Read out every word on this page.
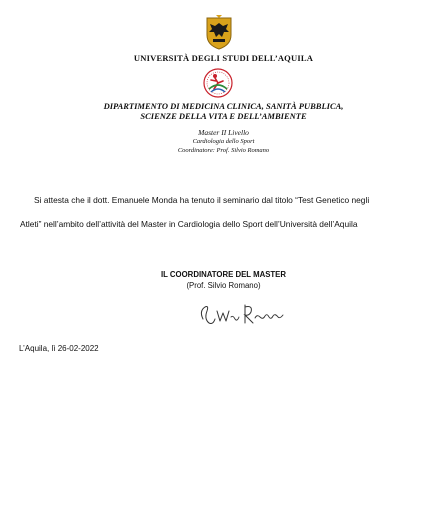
UNIVERSITÀ DEGLI STUDI DELL’AQUILA
DIPARTIMENTO DI MEDICINA CLINICA, SANITÀ PUBBLICA,
SCIENZE DELLA VITA E DELL’AMBIENTE
Master II Livello
Cardiologia dello Sport
Coordinatore: Prof. Silvio Romano
Si attesta che il dott. Emanuele Monda ha tenuto il seminario dal titolo “Test Genetico negli
Atleti” nell’ambito dell’attività del Master in Cardiologia dello Sport dell’Università dell’Aquila
IL COORDINATORE DEL MASTER
(Prof. Silvio Romano)
L’Aquila, lì 26-02-2022
